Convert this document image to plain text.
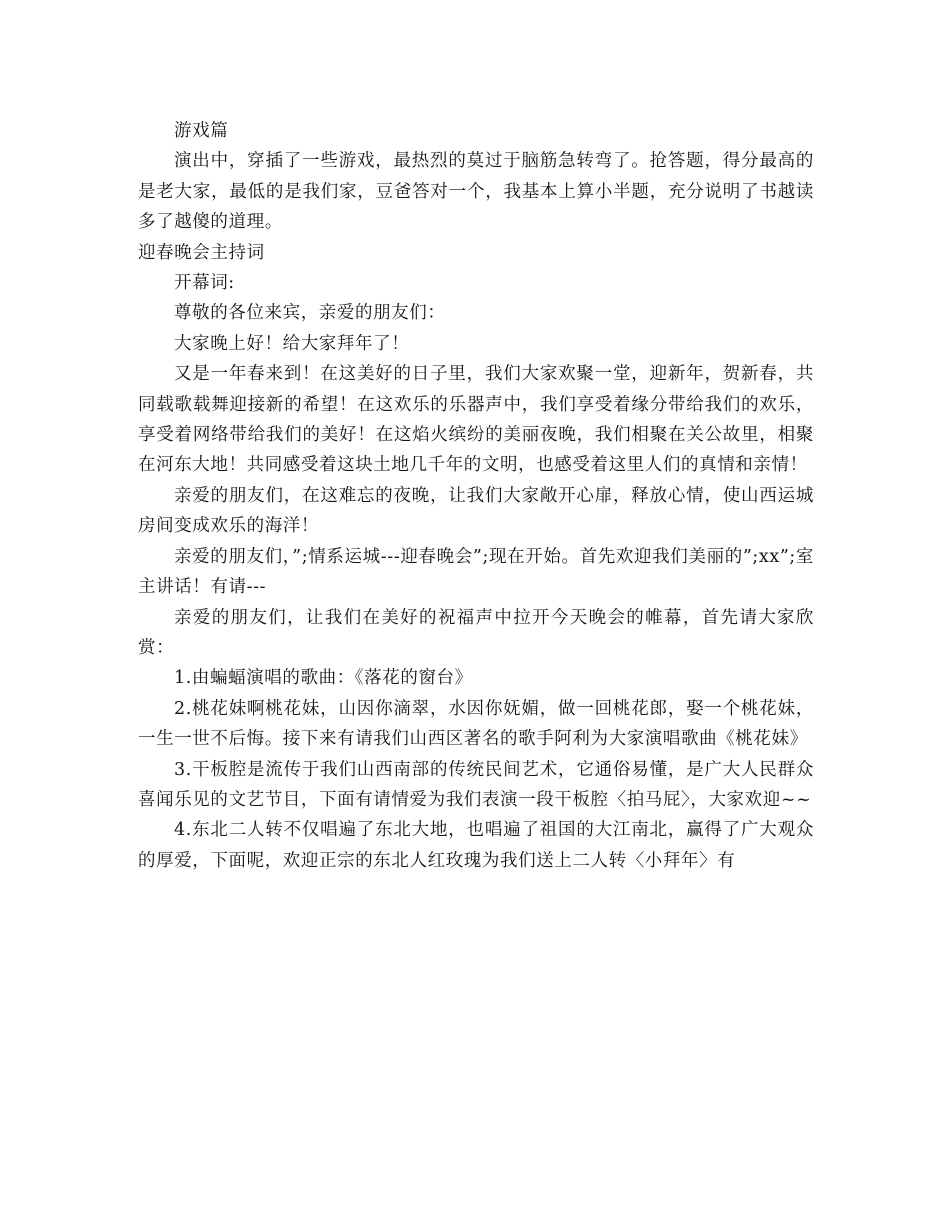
游戏篇

演出中，穿插了一些游戏，最热烈的莫过于脑筋急转弯了。抢答题，得分最高的是老大家，最低的是我们家，豆爸答对一个，我基本上算小半题，充分说明了书越读多了越傻的道理。

迎春晚会主持词

开幕词:

尊敬的各位来宾，亲爱的朋友们：

大家晚上好！给大家拜年了！

又是一年春来到！在这美好的日子里，我们大家欢聚一堂，迎新年，贺新春，共同载歌载舞迎接新的希望！在这欢乐的乐器声中，我们享受着缘分带给我们的欢乐，享受着网络带给我们的美好！在这焰火缤纷的美丽夜晚，我们相聚在关公故里，相聚在河东大地！共同感受着这块土地几千年的文明，也感受着这里人们的真情和亲情！

亲爱的朋友们，在这难忘的夜晚，让我们大家敞开心扉，释放心情，使山西运城房间变成欢乐的海洋！

亲爱的朋友们，”;情系运城---迎春晚会”;现在开始。首先欢迎我们美丽的”;xx”;室主讲话！有请---

亲爱的朋友们，让我们在美好的祝福声中拉开今天晚会的帷幕，首先请大家欣赏：

1.由蝙蝠演唱的歌曲：《落花的窗台》

2.桃花妹啊桃花妹，山因你滴翠，水因你妩媚，做一回桃花郎，娶一个桃花妹，一生一世不后悔。接下来有请我们山西区著名的歌手阿利为大家演唱歌曲《桃花妹》

3.干板腔是流传于我们山西南部的传统民间艺术，它通俗易懂，是广大人民群众喜闻乐见的文艺节目，下面有请情爱为我们表演一段干板腔〈拍马屁〉，大家欢迎~~

4.东北二人转不仅唱遍了东北大地，也唱遍了祖国的大江南北，赢得了广大观众的厚爱，下面呢，欢迎正宗的东北人红玫瑰为我们送上二人转〈小拜年〉有
